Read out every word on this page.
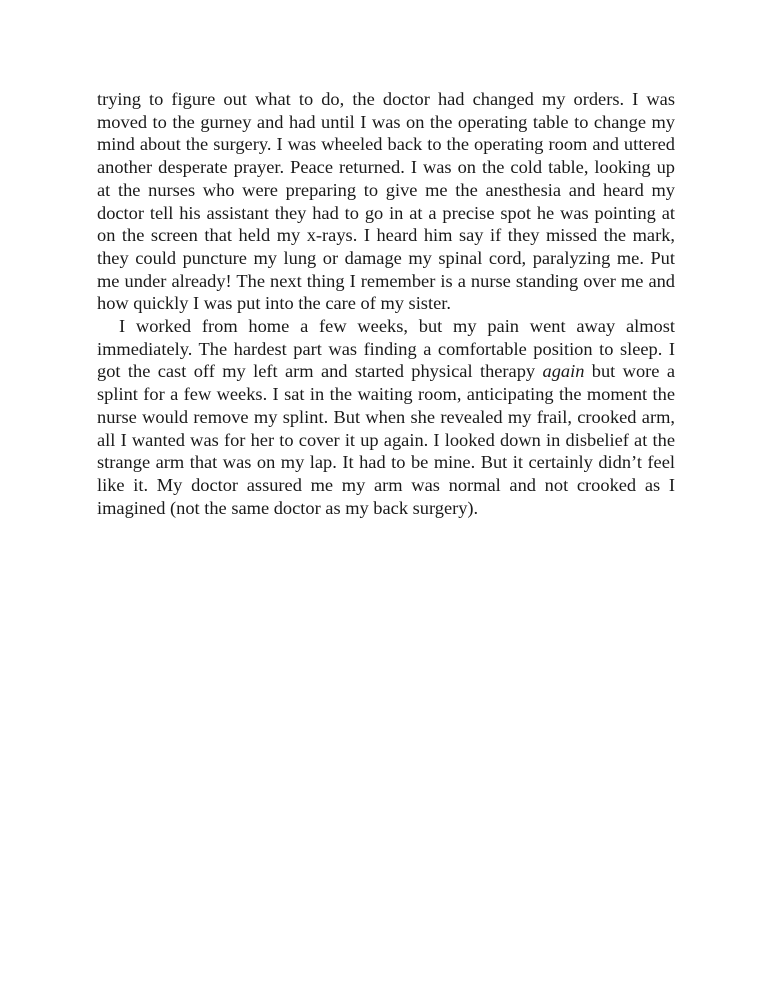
trying to figure out what to do, the doctor had changed my orders. I was moved to the gurney and had until I was on the operating table to change my mind about the surgery. I was wheeled back to the operating room and uttered another desperate prayer. Peace returned. I was on the cold table, looking up at the nurses who were preparing to give me the anesthesia and heard my doctor tell his assistant they had to go in at a precise spot he was pointing at on the screen that held my x-rays. I heard him say if they missed the mark, they could puncture my lung or damage my spinal cord, paralyzing me. Put me under already! The next thing I remember is a nurse standing over me and how quickly I was put into the care of my sister.

I worked from home a few weeks, but my pain went away almost immediately. The hardest part was finding a comfortable position to sleep. I got the cast off my left arm and started physical therapy again but wore a splint for a few weeks. I sat in the waiting room, anticipating the moment the nurse would remove my splint. But when she revealed my frail, crooked arm, all I wanted was for her to cover it up again. I looked down in disbelief at the strange arm that was on my lap. It had to be mine. But it certainly didn’t feel like it. My doctor assured me my arm was normal and not crooked as I imagined (not the same doctor as my back surgery).
